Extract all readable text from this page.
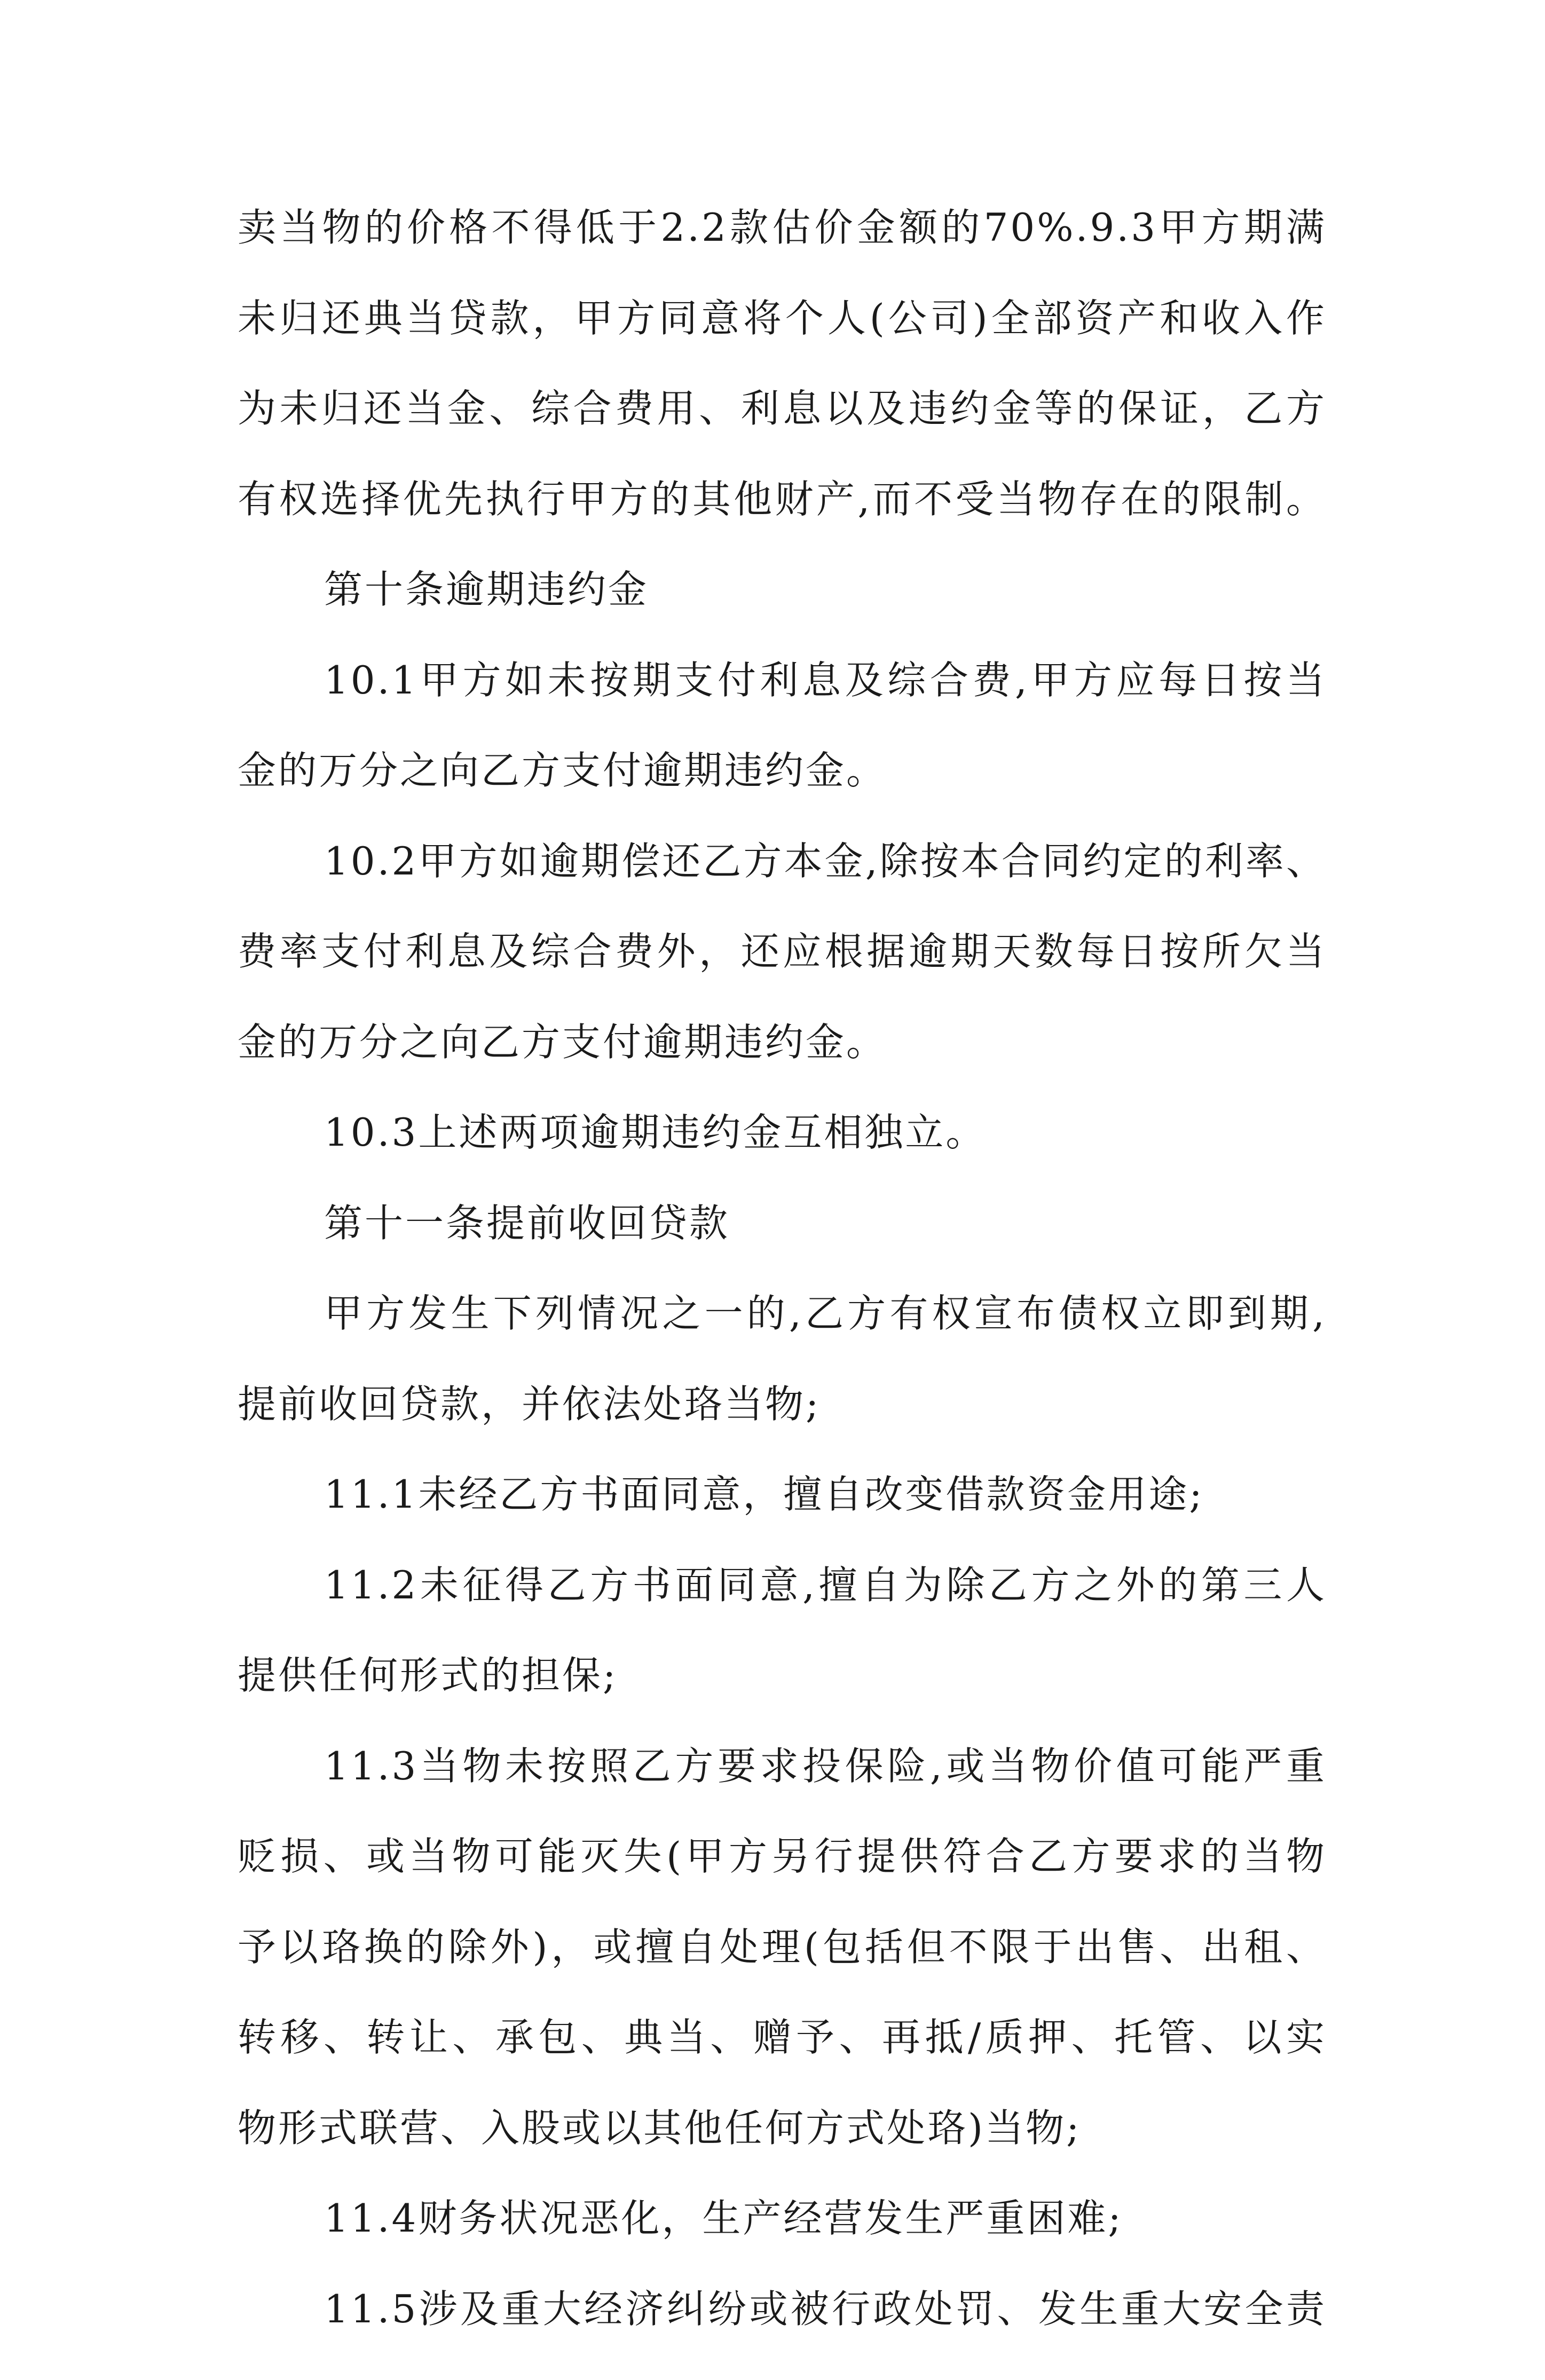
卖当物的价格不得低于2.2款估价金额的70%.9.3甲方期满
未归还典当贷款，甲方同意将个人(公司)全部资产和收入作
为未归还当金、综合费用、利息以及违约金等的保证，乙方
有权选择优先执行甲方的其他财产,而不受当物存在的限制。
第十条逾期违约金
10.1甲方如未按期支付利息及综合费,甲方应每日按当
金的万分之向乙方支付逾期违约金。
10.2甲方如逾期偿还乙方本金,除按本合同约定的利率、
费率支付利息及综合费外，还应根据逾期天数每日按所欠当
金的万分之向乙方支付逾期违约金。
10.3上述两项逾期违约金互相独立。
第十一条提前收回贷款
甲方发生下列情况之一的,乙方有权宣布债权立即到期,
提前收回贷款，并依法处珞当物;
11.1未经乙方书面同意，擅自改变借款资金用途;
11.2未征得乙方书面同意,擅自为除乙方之外的第三人
提供任何形式的担保;
11.3当物未按照乙方要求投保险,或当物价值可能严重
贬损、或当物可能灭失(甲方另行提供符合乙方要求的当物
予以珞换的除外)，或擅自处理(包括但不限于出售、出租、
转移、转让、承包、典当、赠予、再抵/质押、托管、以实
物形式联营、入股或以其他任何方式处珞)当物;
11.4财务状况恶化，生产经营发生严重困难;
11.5涉及重大经济纠纷或被行政处罚、发生重大安全责
